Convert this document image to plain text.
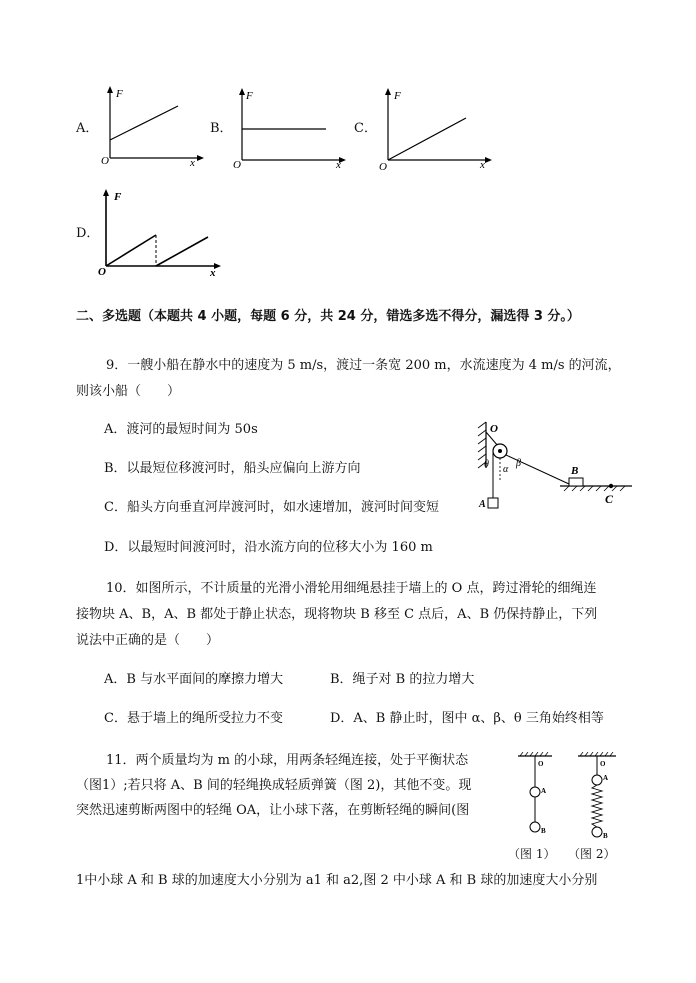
A．
F
O	x
B．
F
O	x
C．
F
O	x
D．
F
O	x
二、多选题（本题共 4 小题，每题 6 分，共 24 分，错选多选不得分，漏选得 3 分。）
9．一艘小船在静水中的速度为 5 m/s，渡过一条宽 200 m，水流速度为 4 m/s 的河流，
则该小船（　　）
A．渡河的最短时间为 50s
B．以最短位移渡河时，船头应偏向上游方向
C．船头方向垂直河岸渡河时，如水速增加，渡河时间变短
D．以最短时间渡河时，沿水流方向的位移大小为 160 m
O
θ α
β
A
B
C
10．如图所示，不计质量的光滑小滑轮用细绳悬挂于墙上的 O 点，跨过滑轮的细绳连
接物块 A、B，A、B 都处于静止状态，现将物块 B 移至 C 点后，A、B 仍保持静止，下列
说法中正确的是（　　）
A．B 与水平面间的摩擦力增大	B．绳子对 B 的拉力增大
C．悬于墙上的绳所受拉力不变	D．A、B 静止时，图中 α、β、θ 三角始终相等
11．两个质量均为 m 的小球，用两条轻绳连接，处于平衡状态
（图1）;若只将 A、B 间的轻绳换成轻质弹簧（图 2)，其他不变。现
突然迅速剪断两图中的轻绳 OA，让小球下落，在剪断轻绳的瞬间(图
1中小球 A 和 B 球的加速度大小分别为 a1 和 a2,图 2 中小球 A 和 B 球的加速度大小分别
O
A
B
O
A
B
（图 1） （图 2）
